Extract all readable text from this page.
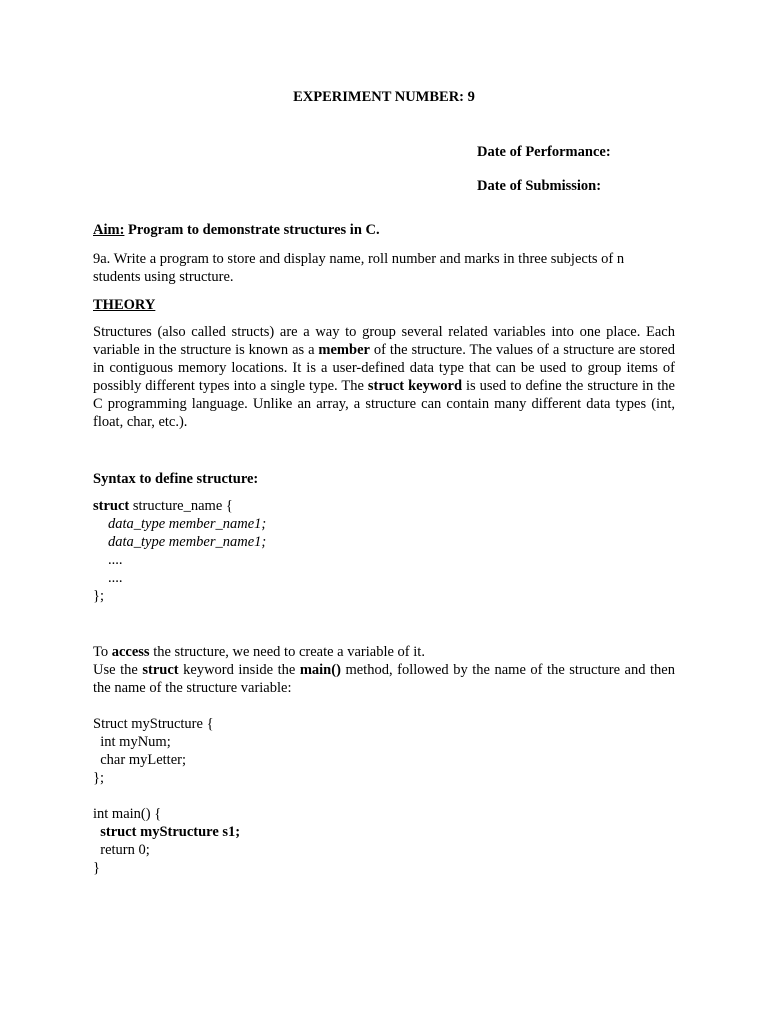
EXPERIMENT NUMBER: 9
Date of Performance:
Date of Submission:
Aim: Program to demonstrate structures in C.
9a. Write a program to store and display name, roll number and marks in three subjects of n students using structure.
THEORY
Structures (also called structs) are a way to group several related variables into one place. Each variable in the structure is known as a member of the structure. The values of a structure are stored in contiguous memory locations. It is a user-defined data type that can be used to group items of possibly different types into a single type. The struct keyword is used to define the structure in the C programming language. Unlike an array, a structure can contain many different data types (int, float, char, etc.).
Syntax to define structure:
struct structure_name {
data_type member_name1;
data_type member_name1;
....
....
};
To access the structure, we need to create a variable of it.
Use the struct keyword inside the main() method, followed by the name of the structure and then the name of the structure variable:
Struct myStructure {
int myNum;
char myLetter;
};
int main() {
struct myStructure s1;
return 0;
}
